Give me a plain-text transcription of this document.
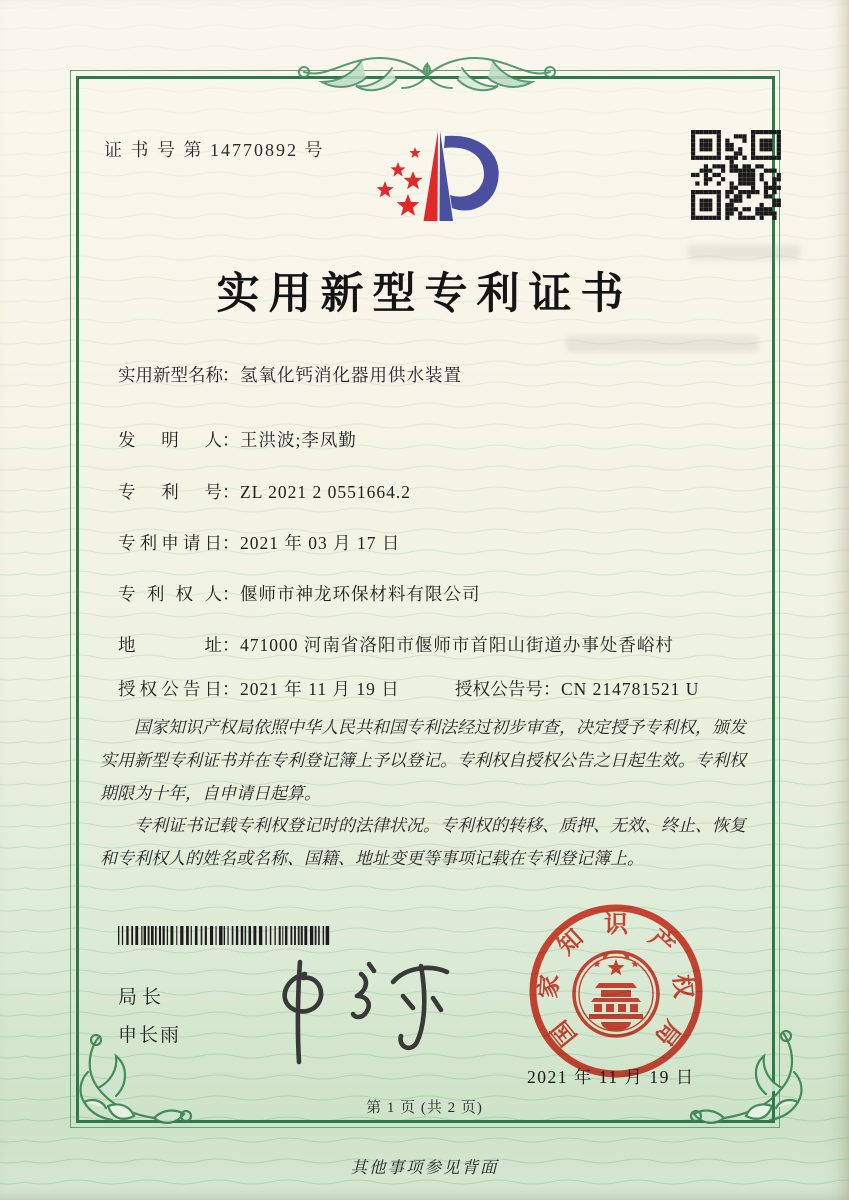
证 书 号 第 14770892 号
实用新型专利证书
实用新型名称：氢氧化钙消化器用供水装置
发明人：王洪波;李凤勤
专利号：ZL 2021 2 0551664.2
专利申请日：2021 年 03 月 17 日
专利权人：偃师市神龙环保材料有限公司
地址：471000 河南省洛阳市偃师市首阳山街道办事处香峪村
授权公告日：2021 年 11 月 19 日	授权公告号：CN 214781521 U

国家知识产权局依照中华人民共和国专利法经过初步审查，决定授予专利权，颁发实用新型专利证书并在专利登记簿上予以登记。专利权自授权公告之日起生效。专利权期限为十年，自申请日起算。

专利证书记载专利权登记时的法律状况。专利权的转移、质押、无效、终止、恢复和专利权人的姓名或名称、国籍、地址变更等事项记载在专利登记簿上。

局长
申长雨	国
家
知
识
产
权
局
2021 年 11 月 19 日
第 1 页 (共 2 页)
其他事项参见背面
